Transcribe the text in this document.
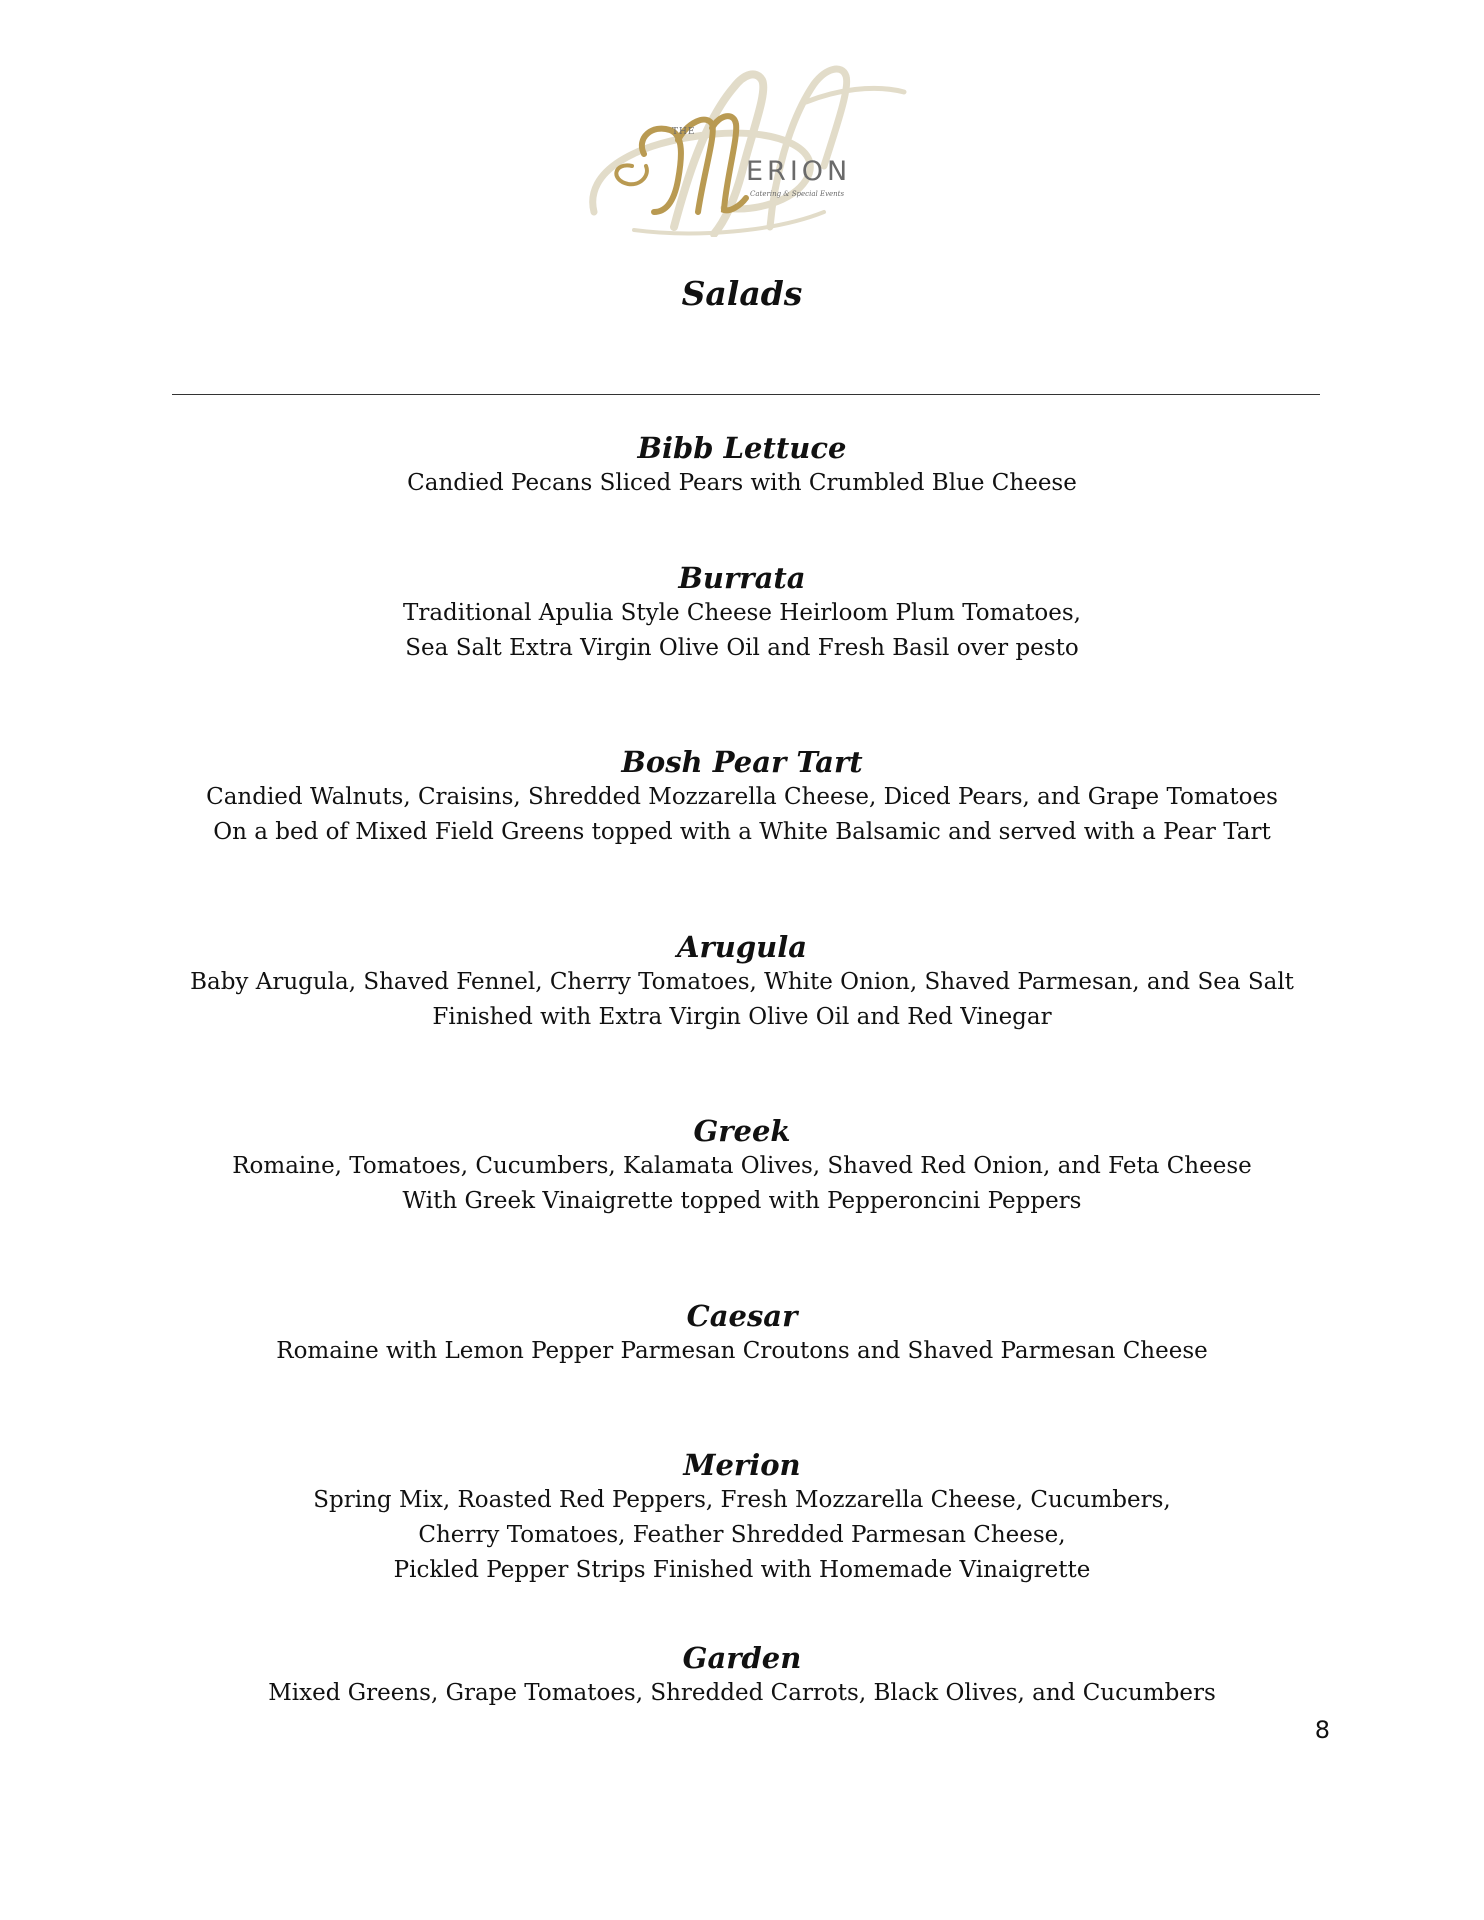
THE
ERION
Catering & Special Events
Salads
Bibb Lettuce

Candied Pecans Sliced Pears with Crumbled Blue Cheese

Burrata

Traditional Apulia Style Cheese Heirloom Plum Tomatoes,

Sea Salt Extra Virgin Olive Oil and Fresh Basil over pesto

Bosh Pear Tart

Candied Walnuts, Craisins, Shredded Mozzarella Cheese, Diced Pears, and Grape Tomatoes

On a bed of Mixed Field Greens topped with a White Balsamic and served with a Pear Tart

Arugula

Baby Arugula, Shaved Fennel, Cherry Tomatoes, White Onion, Shaved Parmesan, and Sea Salt

Finished with Extra Virgin Olive Oil and Red Vinegar

Greek

Romaine, Tomatoes, Cucumbers, Kalamata Olives, Shaved Red Onion, and Feta Cheese

With Greek Vinaigrette topped with Pepperoncini Peppers

Caesar

Romaine with Lemon Pepper Parmesan Croutons and Shaved Parmesan Cheese

Merion

Spring Mix, Roasted Red Peppers, Fresh Mozzarella Cheese, Cucumbers,

Cherry Tomatoes, Feather Shredded Parmesan Cheese,

Pickled Pepper Strips Finished with Homemade Vinaigrette

Garden

Mixed Greens, Grape Tomatoes, Shredded Carrots, Black Olives, and Cucumbers

8
